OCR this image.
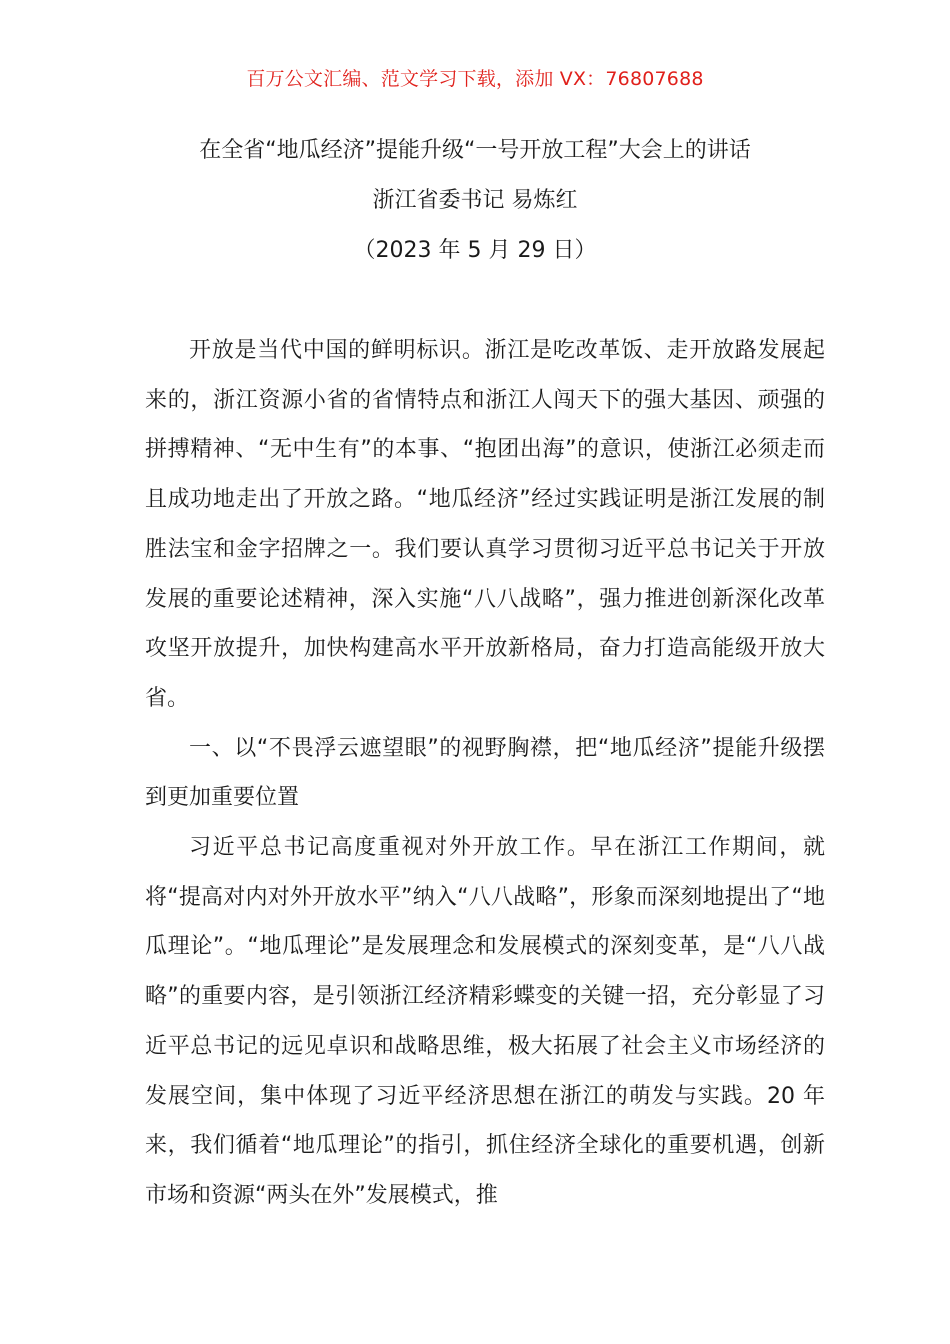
百万公文汇编、范文学习下载，添加 VX：76807688
在全省“地瓜经济”提能升级“一号开放工程”大会上的讲话
浙江省委书记 易炼红
（2023 年 5 月 29 日）

开放是当代中国的鲜明标识。浙江是吃改革饭、走开放路发展起来的，浙江资源小省的省情特点和浙江人闯天下的强大基因、顽强的拼搏精神、“无中生有”的本事、“抱团出海”的意识，使浙江必须走而且成功地走出了开放之路。“地瓜经济”经过实践证明是浙江发展的制胜法宝和金字招牌之一。我们要认真学习贯彻习近平总书记关于开放发展的重要论述精神，深入实施“八八战略”，强力推进创新深化改革攻坚开放提升，加快构建高水平开放新格局，奋力打造高能级开放大省。

一、以“不畏浮云遮望眼”的视野胸襟，把“地瓜经济”提能升级摆到更加重要位置

习近平总书记高度重视对外开放工作。早在浙江工作期间，就将“提高对内对外开放水平”纳入“八八战略”，形象而深刻地提出了“地瓜理论”。“地瓜理论”是发展理念和发展模式的深刻变革，是“八八战略”的重要内容，是引领浙江经济精彩蝶变的关键一招，充分彰显了习近平总书记的远见卓识和战略思维，极大拓展了社会主义市场经济的发展空间，集中体现了习近平经济思想在浙江的萌发与实践。20 年来，我们循着“地瓜理论”的指引，抓住经济全球化的重要机遇，创新市场和资源“两头在外”发展模式，推
